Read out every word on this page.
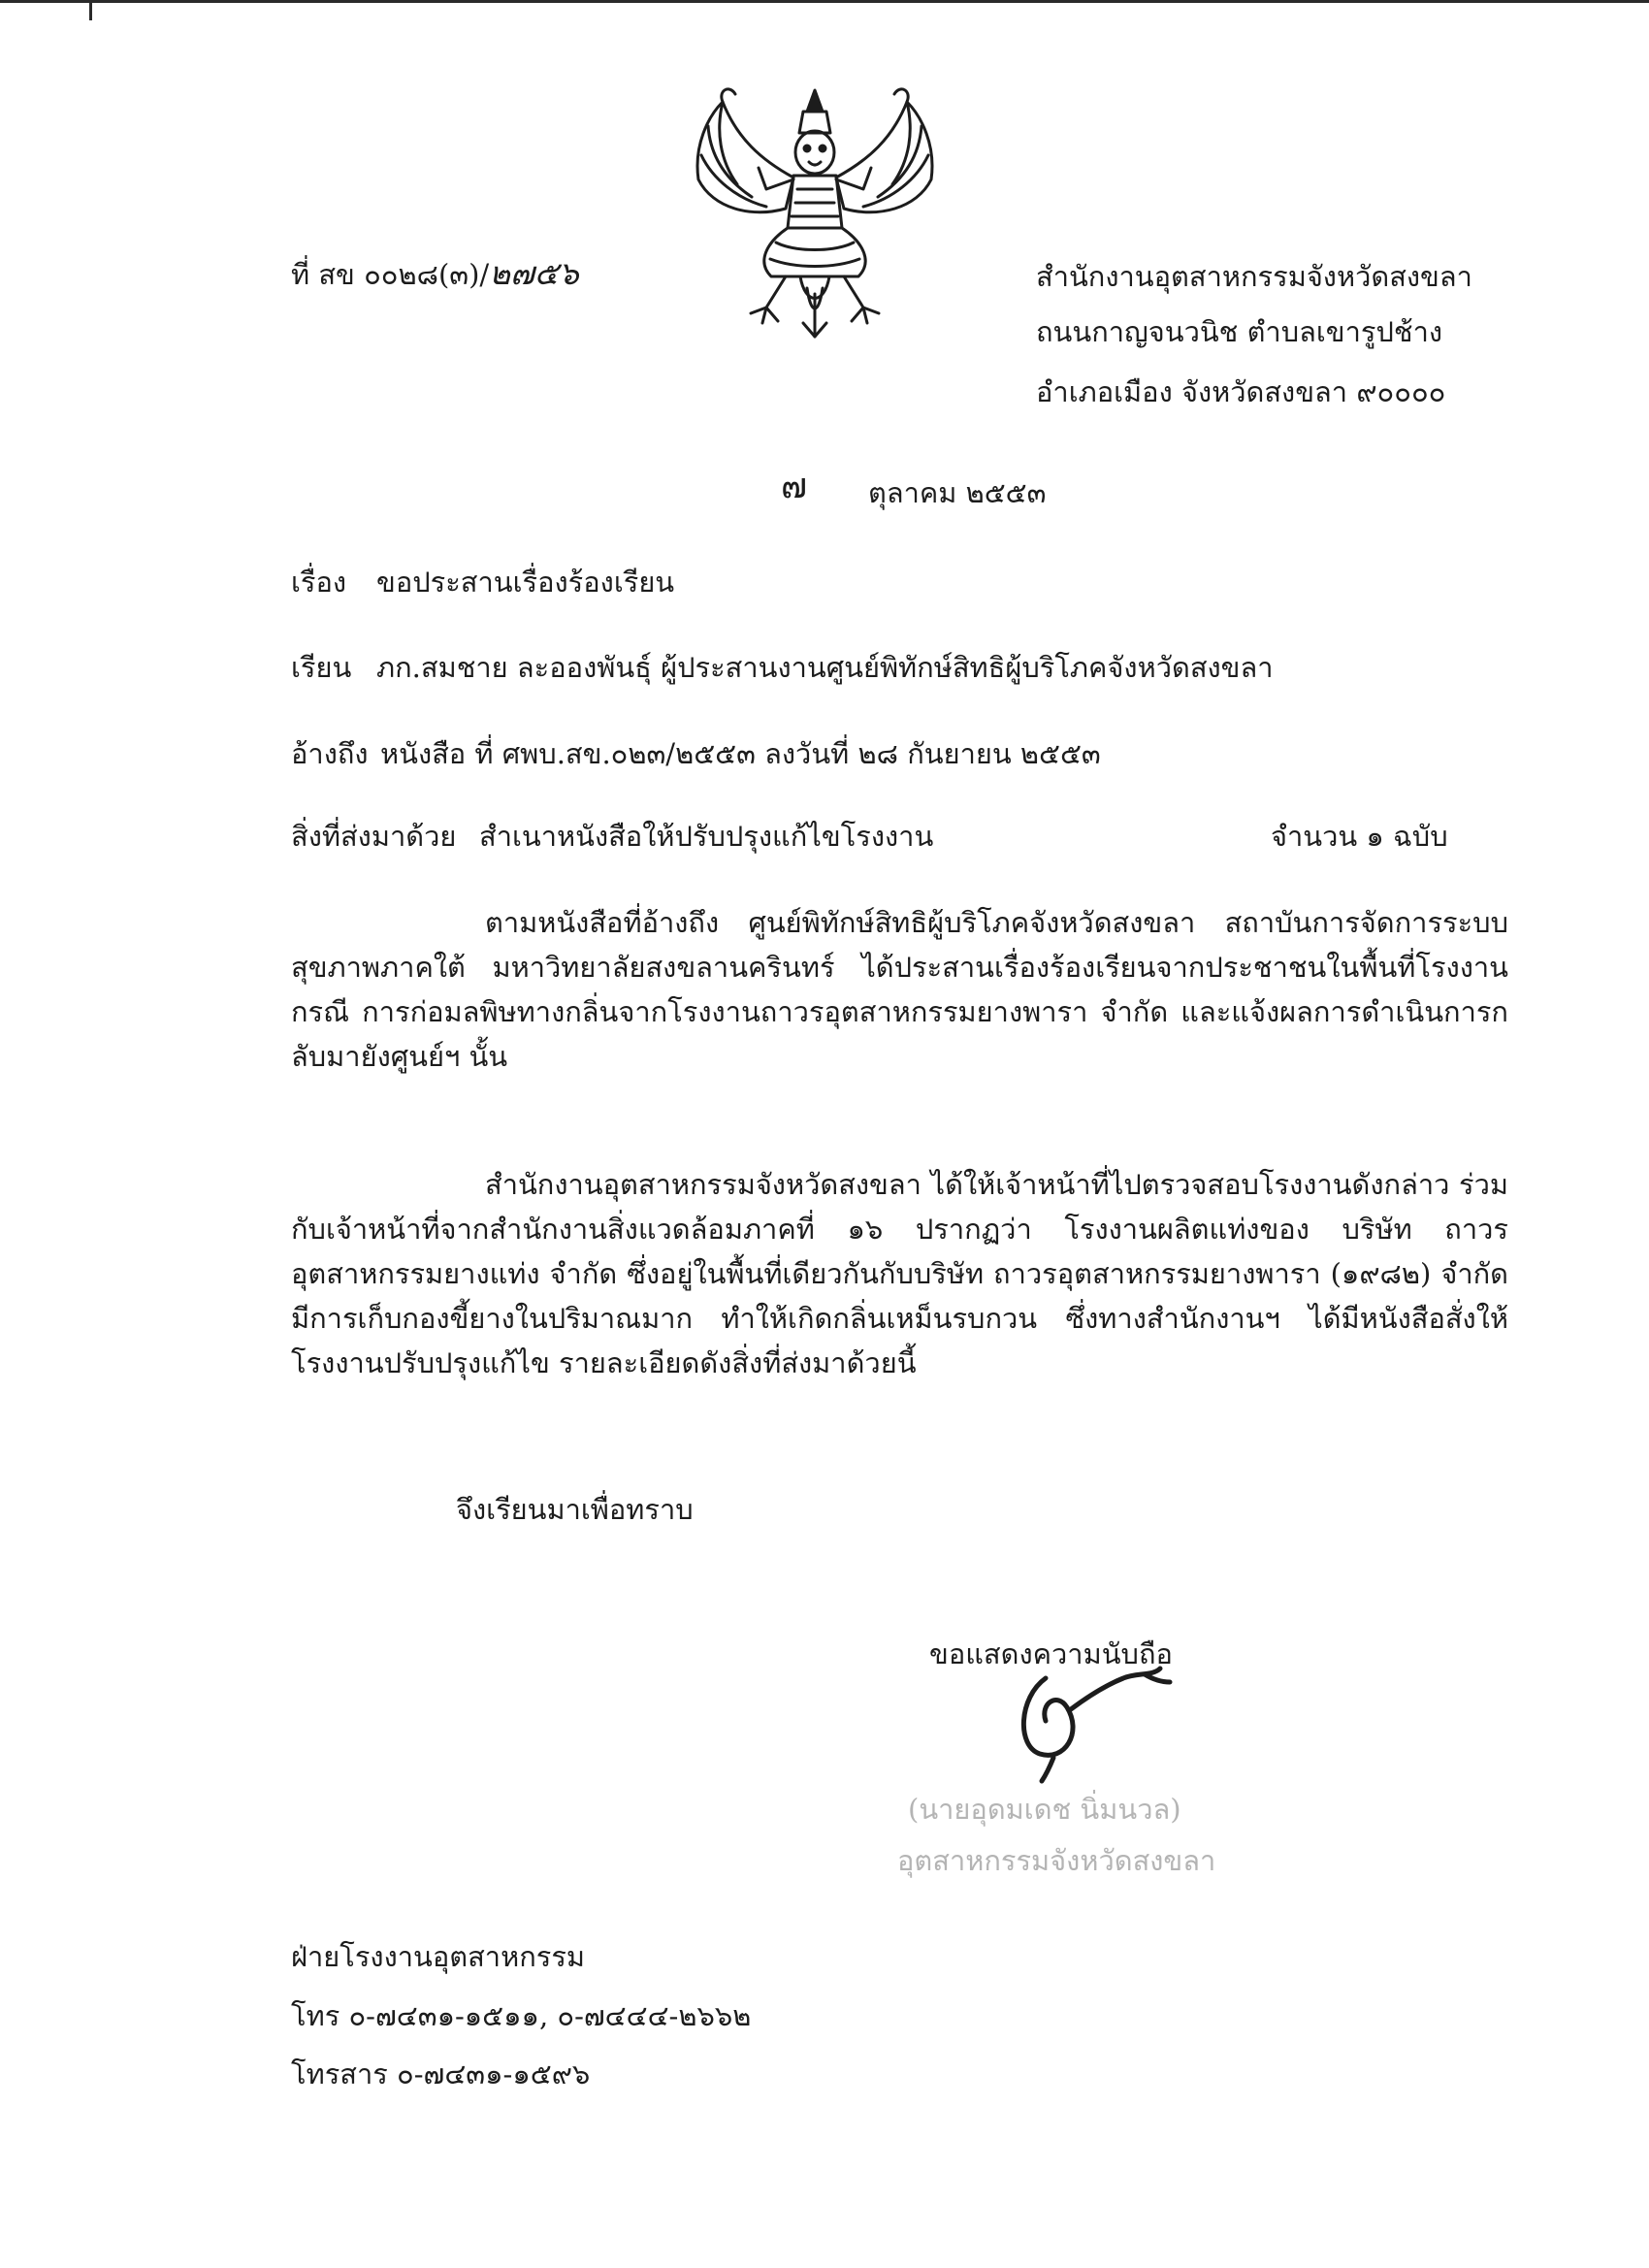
ที่ สข ๐๐๒๘(๓)/๒๗๕๖	สำนักงานอุตสาหกรรมจังหวัดสงขลา
ถนนกาญจนวนิช ตำบลเขารูปช้าง
อำเภอเมือง จังหวัดสงขลา ๙๐๐๐๐
๗ ตุลาคม ๒๕๕๓
เรื่อง ขอประสานเรื่องร้องเรียน
เรียน ภก.สมชาย ละอองพันธุ์ ผู้ประสานงานศูนย์พิทักษ์สิทธิผู้บริโภคจังหวัดสงขลา
อ้างถึง หนังสือ ที่ ศพบ.สข.๐๒๓/๒๕๕๓ ลงวันที่ ๒๘ กันยายน ๒๕๕๓
สิ่งที่ส่งมาด้วย สำเนาหนังสือให้ปรับปรุงแก้ไขโรงงาน	จำนวน ๑ ฉบับ

ตามหนังสือที่อ้างถึง ศูนย์พิทักษ์สิทธิผู้บริโภคจังหวัดสงขลา สถาบันการจัดการระบบสุขภาพภาคใต้ มหาวิทยาลัยสงขลานครินทร์ ได้ประสานเรื่องร้องเรียนจากประชาชนในพื้นที่โรงงาน กรณี การก่อมลพิษทางกลิ่นจากโรงงานถาวรอุตสาหกรรมยางพารา จำกัด และแจ้งผลการดำเนินการกลับมายังศูนย์ฯ นั้น

สำนักงานอุตสาหกรรมจังหวัดสงขลา ได้ให้เจ้าหน้าที่ไปตรวจสอบโรงงานดังกล่าว ร่วมกับเจ้าหน้าที่จากสำนักงานสิ่งแวดล้อมภาคที่ ๑๖ ปรากฏว่า โรงงานผลิตแท่งของ บริษัท ถาวรอุตสาหกรรมยางแท่ง จำกัด ซึ่งอยู่ในพื้นที่เดียวกันกับบริษัท ถาวรอุตสาหกรรมยางพารา (๑๙๘๒) จำกัด มีการเก็บกองขี้ยางในปริมาณมาก ทำให้เกิดกลิ่นเหม็นรบกวน ซึ่งทางสำนักงานฯ ได้มีหนังสือสั่งให้โรงงานปรับปรุงแก้ไข รายละเอียดดังสิ่งที่ส่งมาด้วยนี้

จึงเรียนมาเพื่อทราบ
ขอแสดงความนับถือ
(นายอุดมเดช นิ่มนวล)
อุตสาหกรรมจังหวัดสงขลา
ฝ่ายโรงงานอุตสาหกรรม
โทร ๐-๗๔๓๑-๑๕๑๑, ๐-๗๔๔๔-๒๖๖๒
โทรสาร ๐-๗๔๓๑-๑๕๙๖
